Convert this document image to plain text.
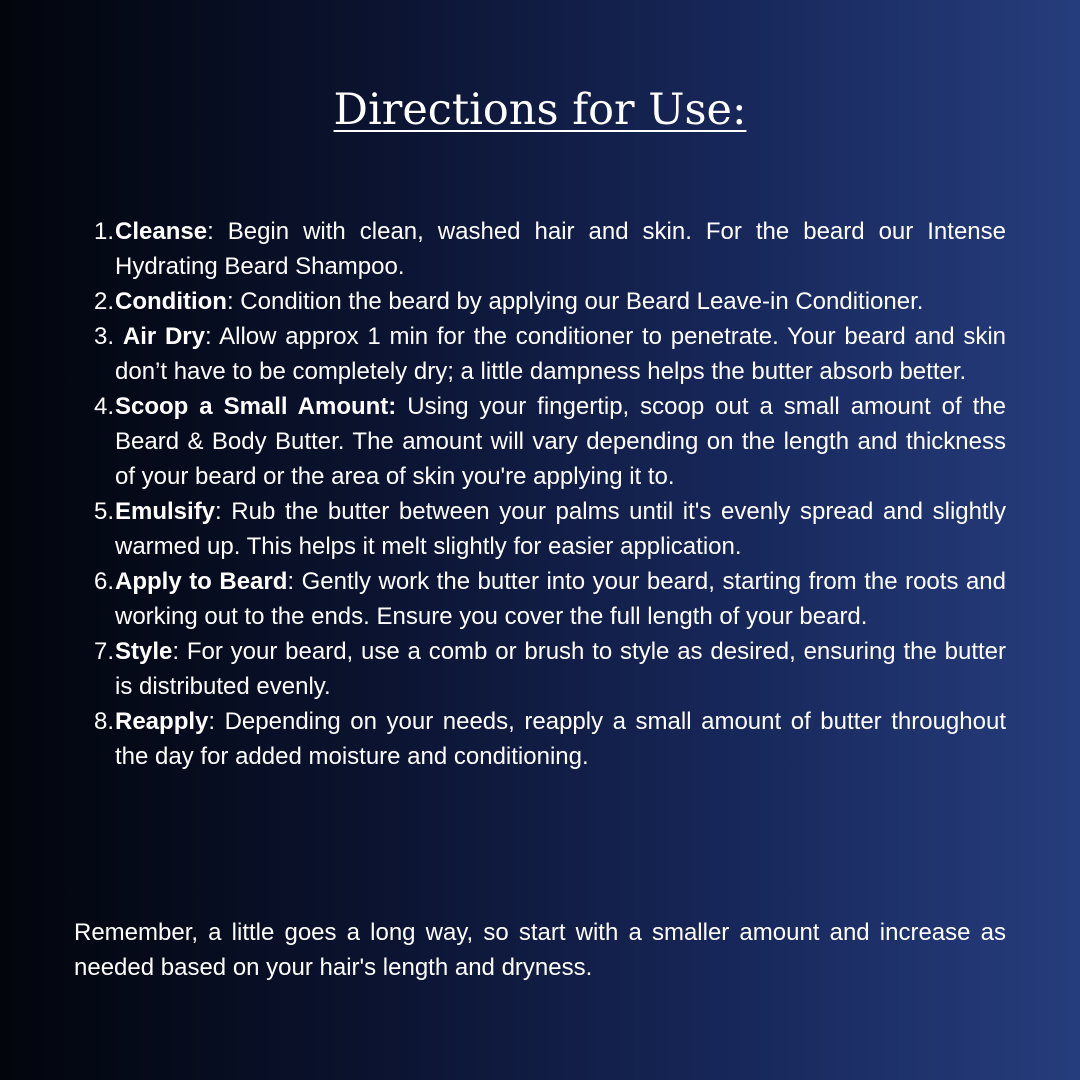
Directions for Use:
1. Cleanse: Begin with clean, washed hair and skin. For the beard our Intense Hydrating Beard Shampoo.
2. Condition: Condition the beard by applying our Beard Leave-in Conditioner.
3. Air Dry: Allow approx 1 min for the conditioner to penetrate. Your beard and skin don’t have to be completely dry; a little dampness helps the butter absorb better.
4. Scoop a Small Amount: Using your fingertip, scoop out a small amount of the Beard & Body Butter. The amount will vary depending on the length and thickness of your beard or the area of skin you're applying it to.
5. Emulsify: Rub the butter between your palms until it's evenly spread and slightly warmed up. This helps it melt slightly for easier application.
6. Apply to Beard: Gently work the butter into your beard, starting from the roots and working out to the ends. Ensure you cover the full length of your beard.
7. Style: For your beard, use a comb or brush to style as desired, ensuring the butter is distributed evenly.
8. Reapply: Depending on your needs, reapply a small amount of butter throughout the day for added moisture and conditioning.

Remember, a little goes a long way, so start with a smaller amount and increase as needed based on your hair's length and dryness.
